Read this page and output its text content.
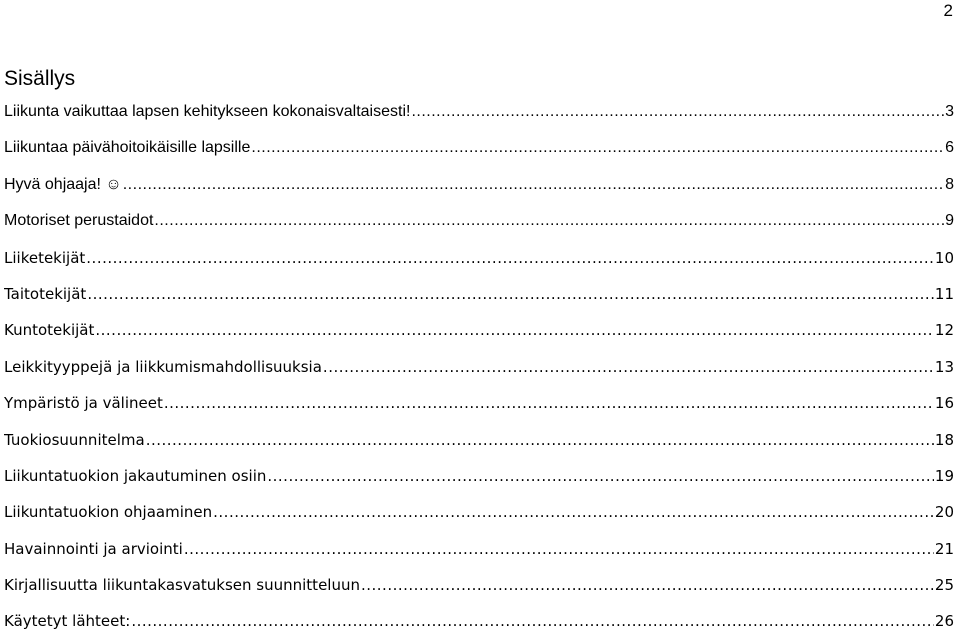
2
Sisällys
Liikunta vaikuttaa lapsen kehitykseen kokonaisvaltaisesti! .....	3
Liikuntaa päivähoitoikäisille lapsille .....	6
Hyvä ohjaaja! ☺ .....	8
Motoriset perustaidot .....	9
Liiketekijät .....	10
Taitotekijät .....	11
Kuntotekijät .....	12
Leikkityyppejä ja liikkumismahdollisuuksia .....	13
Ympäristö ja välineet .....	16
Tuokiosuunnitelma .....	18
Liikuntatuokion jakautuminen osiin .....	19
Liikuntatuokion ohjaaminen .....	20
Havainnointi ja arviointi .....	21
Kirjallisuutta liikuntakasvatuksen suunnitteluun .....	25
Käytetyt lähteet: .....	26
